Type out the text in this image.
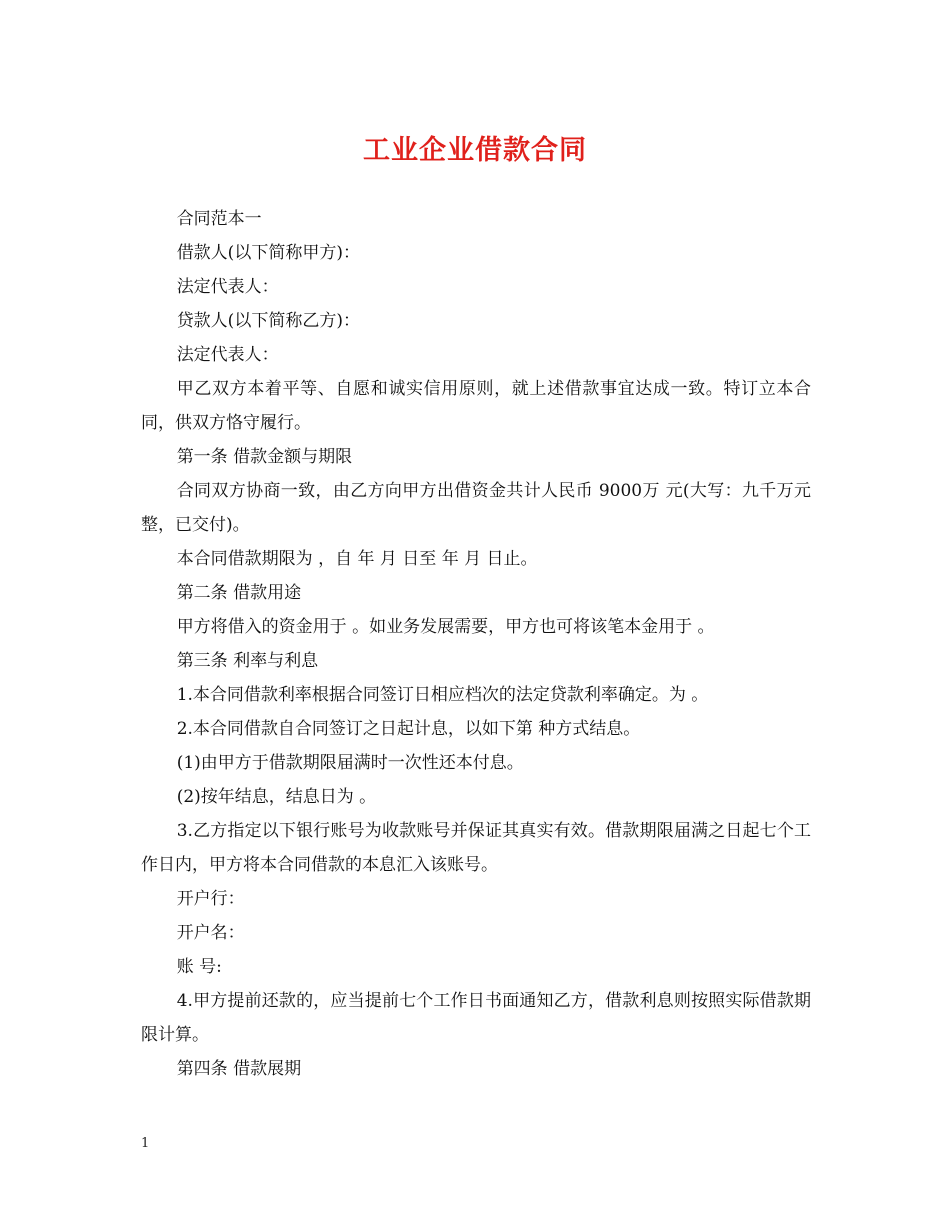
工业企业借款合同

合同范本一

借款人(以下简称甲方)：

法定代表人：

贷款人(以下简称乙方)：

法定代表人：

甲乙双方本着平等、自愿和诚实信用原则，就上述借款事宜达成一致。特订立本合同，供双方恪守履行。

第一条 借款金额与期限

合同双方协商一致，由乙方向甲方出借资金共计人民币 9000万 元(大写：九千万元整，已交付)。

本合同借款期限为 ，自 年 月 日至 年 月 日止。

第二条 借款用途

甲方将借入的资金用于 。如业务发展需要，甲方也可将该笔本金用于 。

第三条 利率与利息

1.本合同借款利率根据合同签订日相应档次的法定贷款利率确定。为 。

2.本合同借款自合同签订之日起计息，以如下第 种方式结息。

(1)由甲方于借款期限届满时一次性还本付息。

(2)按年结息，结息日为 。

3.乙方指定以下银行账号为收款账号并保证其真实有效。借款期限届满之日起七个工作日内，甲方将本合同借款的本息汇入该账号。

开户行：

开户名：

账 号:

4.甲方提前还款的，应当提前七个工作日书面通知乙方，借款利息则按照实际借款期限计算。

第四条 借款展期

1
